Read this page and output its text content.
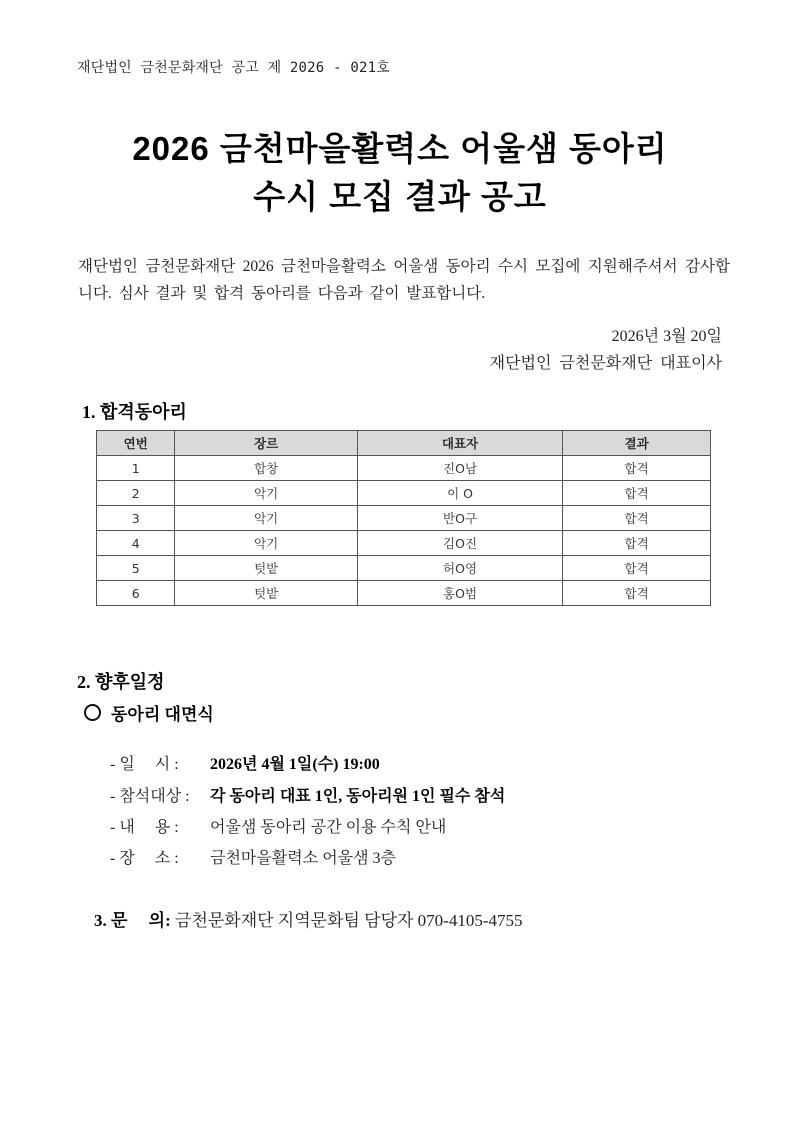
재단법인 금천문화재단 공고 제 2026 - 021호
2026 금천마을활력소 어울샘 동아리
수시 모집 결과 공고
재단법인 금천문화재단 2026 금천마을활력소 어울샘 동아리 수시 모집에 지원해주셔서 감사합니다. 심사 결과 및 합격 동아리를 다음과 같이 발표합니다.
2026년 3월 20일
재단법인 금천문화재단 대표이사
1. 합격동아리
연번	장르	대표자	결과
1	합창	진O남	합격
2	악기	이 O	합격
3	악기	반O구	합격
4	악기	김O진	합격
5	텃밭	허O영	합격
6	텃밭	홍O범	합격
2. 향후일정
동아리 대면식

- 일     시 : 2026년 4월 1일(수) 19:00

- 참석대상 : 각 동아리 대표 1인, 동아리원 1인 필수 참석

- 내     용 : 어울샘 동아리 공간 이용 수칙 안내

- 장     소 : 금천마을활력소 어울샘 3층

3. 문     의: 금천문화재단 지역문화팀 담당자 070-4105-4755
